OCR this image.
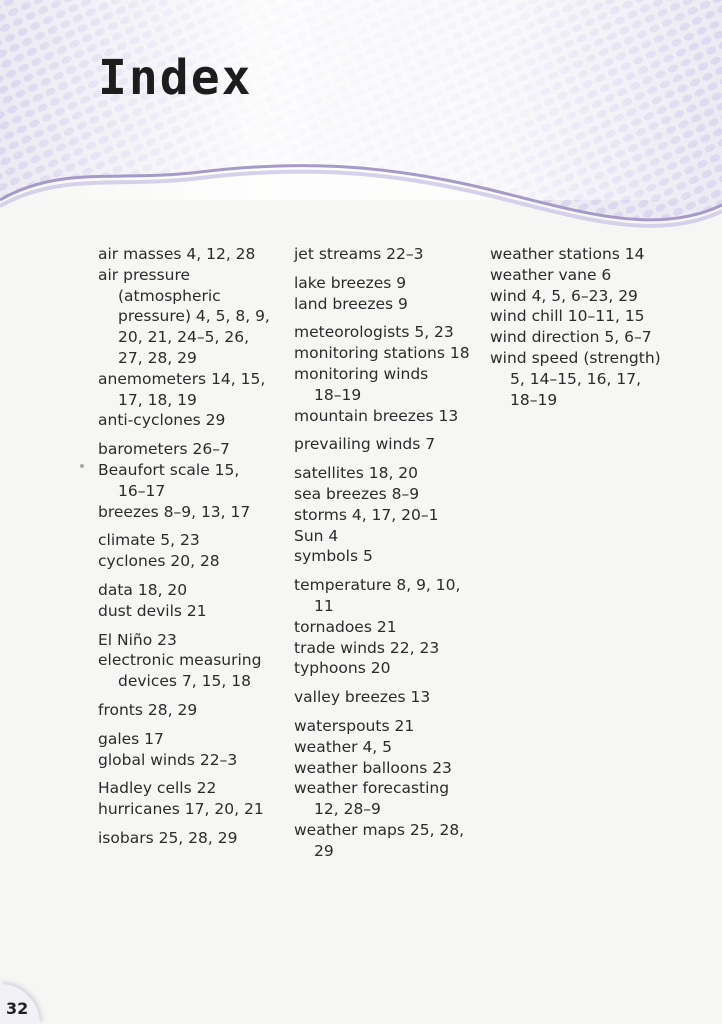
Index
air masses 4, 12, 28
air pressure
(atmospheric
pressure) 4, 5, 8, 9,
20, 21, 24–5, 26,
27, 28, 29
anemometers 14, 15,
17, 18, 19
anti-cyclones 29
barometers 26–7
Beaufort scale 15,
16–17
breezes 8–9, 13, 17
climate 5, 23
cyclones 20, 28
data 18, 20
dust devils 21
El Niño 23
electronic measuring
devices 7, 15, 18
fronts 28, 29
gales 17
global winds 22–3
Hadley cells 22
hurricanes 17, 20, 21
isobars 25, 28, 29
jet streams 22–3
lake breezes 9
land breezes 9
meteorologists 5, 23
monitoring stations 18
monitoring winds
18–19
mountain breezes 13
prevailing winds 7
satellites 18, 20
sea breezes 8–9
storms 4, 17, 20–1
Sun 4
symbols 5
temperature 8, 9, 10,
11
tornadoes 21
trade winds 22, 23
typhoons 20
valley breezes 13
waterspouts 21
weather 4, 5
weather balloons 23
weather forecasting
12, 28–9
weather maps 25, 28,
29
weather stations 14
weather vane 6
wind 4, 5, 6–23, 29
wind chill 10–11, 15
wind direction 5, 6–7
wind speed (strength)
5, 14–15, 16, 17,
18–19
32
